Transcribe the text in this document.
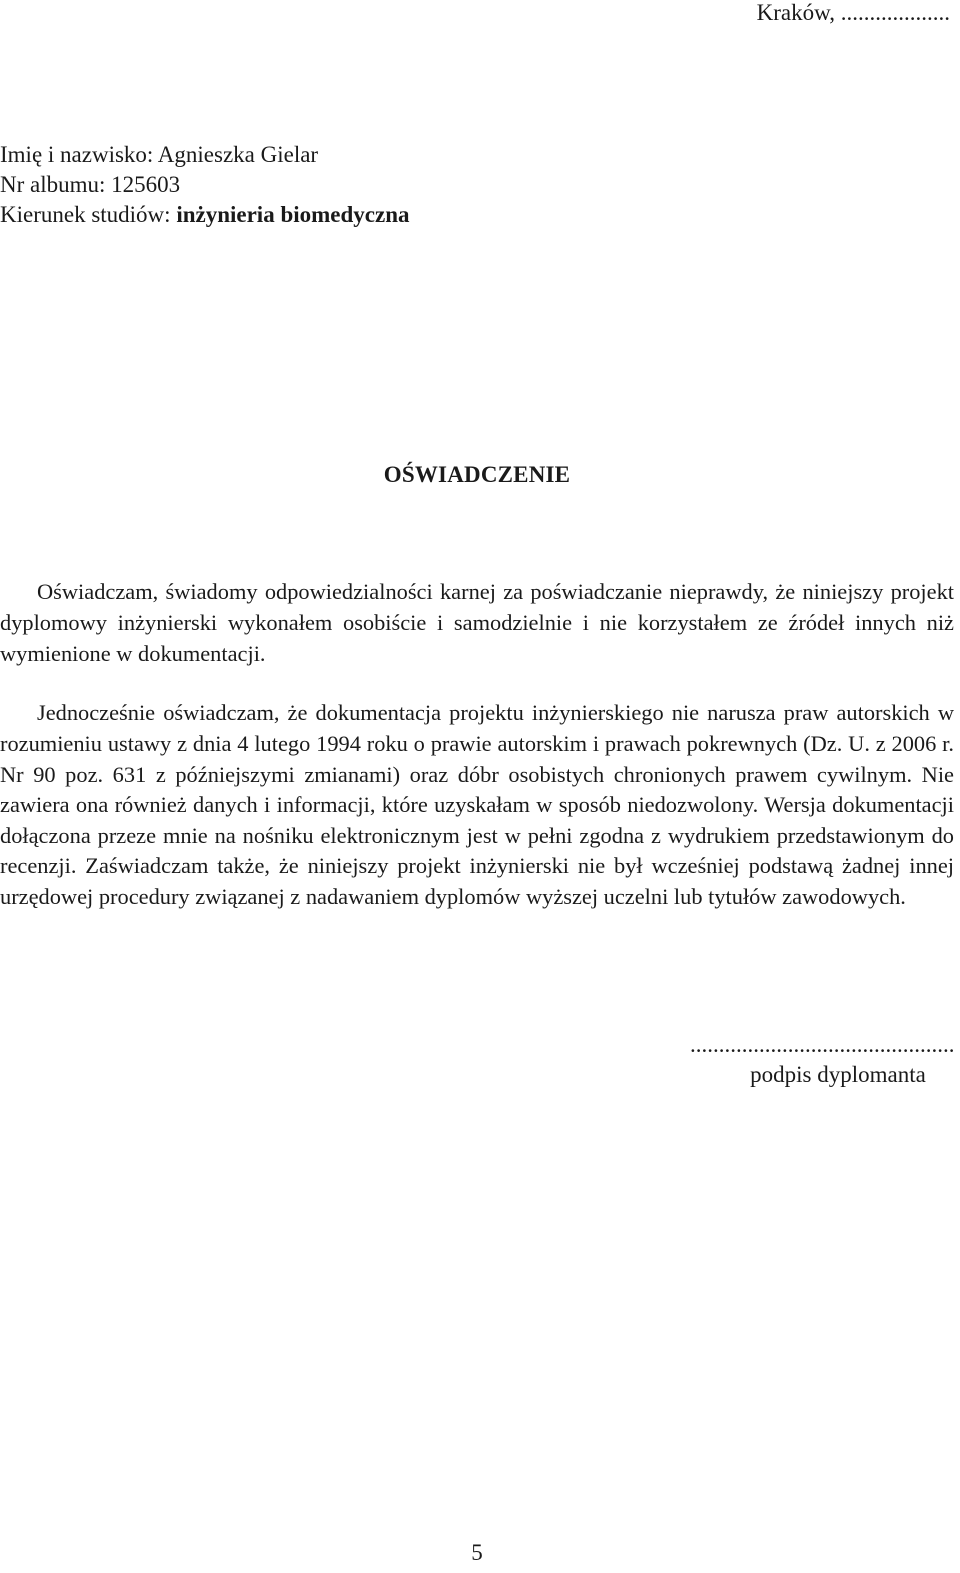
Kraków, ...................
Imię i nazwisko: Agnieszka Gielar
Nr albumu: 125603
Kierunek studiów: inżynieria biomedyczna
OŚWIADCZENIE

Oświadczam, świadomy odpowiedzialności karnej za poświadczanie nieprawdy, że niniejszy projekt dyplomowy inżynierski wykonałem osobiście i samodzielnie i nie korzystałem ze źródeł innych niż wymienione w dokumentacji.

Jednocześnie oświadczam, że dokumentacja projektu inżynierskiego nie narusza praw autorskich w rozumieniu ustawy z dnia 4 lutego 1994 roku o prawie autorskim i prawach pokrewnych (Dz. U. z 2006 r. Nr 90 poz. 631 z późniejszymi zmianami) oraz dóbr osobistych chronionych prawem cywilnym. Nie zawiera ona również danych i informacji, które uzyskałam w sposób niedozwolony. Wersja dokumentacji dołączona przeze mnie na nośniku elektronicznym jest w pełni zgodna z wydrukiem przedstawionym do recenzji. Zaświadczam także, że niniejszy projekt inżynierski nie był wcześniej podstawą żadnej innej urzędowej procedury związanej z nadawaniem dyplomów wyższej uczelni lub tytułów zawodowych.

..............................................
podpis dyplomanta
5
